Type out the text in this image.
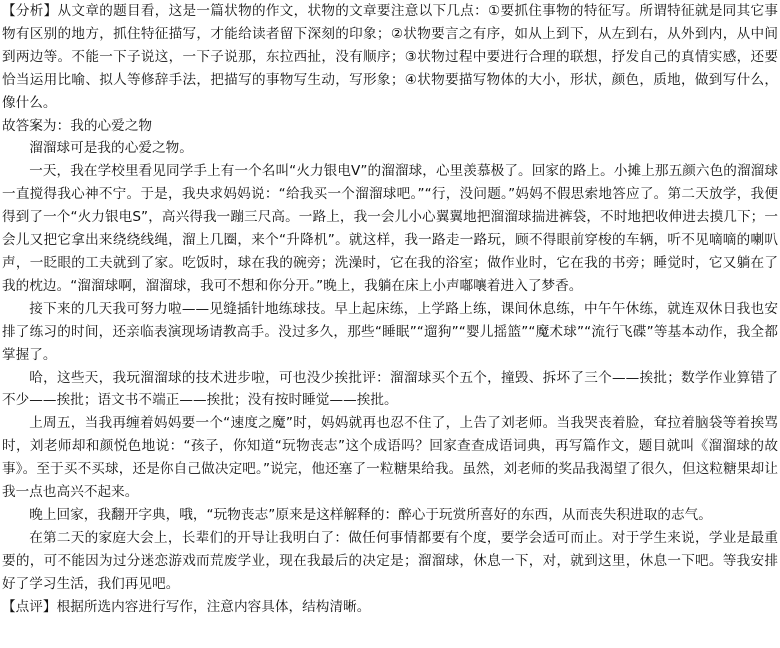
【分析】从文章的题目看，这是一篇状物的作文，状物的文章要注意以下几点：①要抓住事物的特征写。所谓特征就是同其它事物有区别的地方，抓住特征描写，才能给读者留下深刻的印象；②状物要言之有序，如从上到下，从左到右，从外到内，从中间到两边等。不能一下子说这，一下子说那，东拉西扯，没有顺序；③状物过程中要进行合理的联想，抒发自己的真情实感，还要恰当运用比喻、拟人等修辞手法，把描写的事物写生动，写形象；④状物要描写物体的大小，形状，颜色，质地，做到写什么，像什么。

故答案为：我的心爱之物

溜溜球可是我的心爱之物。

一天，我在学校里看见同学手上有一个名叫“火力银电V”的溜溜球，心里羡慕极了。回家的路上。小摊上那五颜六色的溜溜球一直搅得我心神不宁。于是，我央求妈妈说：“给我买一个溜溜球吧。”“行，没问题。”妈妈不假思索地答应了。第二天放学，我便得到了一个“火力银电S”，高兴得我一蹦三尺高。一路上，我一会儿小心翼翼地把溜溜球揣进裤袋，不时地把收伸进去摸几下；一会儿又把它拿出来绕绕线绳，溜上几圈，来个“升降机”。就这样，我一路走一路玩，顾不得眼前穿梭的车辆，听不见嘀嘀的喇叭声，一眨眼的工夫就到了家。吃饭时，球在我的碗旁；洗澡时，它在我的浴室；做作业时，它在我的书旁；睡觉时，它又躺在了我的枕边。“溜溜球啊，溜溜球，我可不想和你分开。”晚上，我躺在床上小声嘟嚷着进入了梦香。

接下来的几天我可努力啦——见缝插针地练球技。早上起床练，上学路上练，课间休息练，中午午休练，就连双休日我也安排了练习的时间，还亲临表演现场请教高手。没过多久，那些“睡眠”“遛狗”“婴儿摇篮”“魔术球”“流行飞碟”等基本动作，我全都掌握了。

哈，这些天，我玩溜溜球的技术进步啦，可也没少挨批评：溜溜球买个五个，撞毁、拆坏了三个——挨批；数学作业算错了不少——挨批；语文书不端正——挨批；没有按时睡觉——挨批。

上周五，当我再缠着妈妈要一个“速度之魔”时，妈妈就再也忍不住了，上告了刘老师。当我哭丧着脸，耷拉着脑袋等着挨骂时，刘老师却和颜悦色地说：“孩子，你知道“玩物丧志”这个成语吗？回家查查成语词典，再写篇作文，题目就叫《溜溜球的故事》。至于买不买球，还是你自己做决定吧。”说完，他还塞了一粒糖果给我。虽然，刘老师的奖品我渴望了很久，但这粒糖果却让我一点也高兴不起来。

晚上回家，我翻开字典，哦，“玩物丧志”原来是这样解释的：醉心于玩赏所喜好的东西，从而丧失积进取的志气。

在第二天的家庭大会上，长辈们的开导让我明白了：做任何事情都要有个度，要学会适可而止。对于学生来说，学业是最重要的，可不能因为过分迷恋游戏而荒废学业，现在我最后的决定是；溜溜球，休息一下，对，就到这里，休息一下吧。等我安排好了学习生活，我们再见吧。

【点评】根据所选内容进行写作，注意内容具体，结构清晰。
